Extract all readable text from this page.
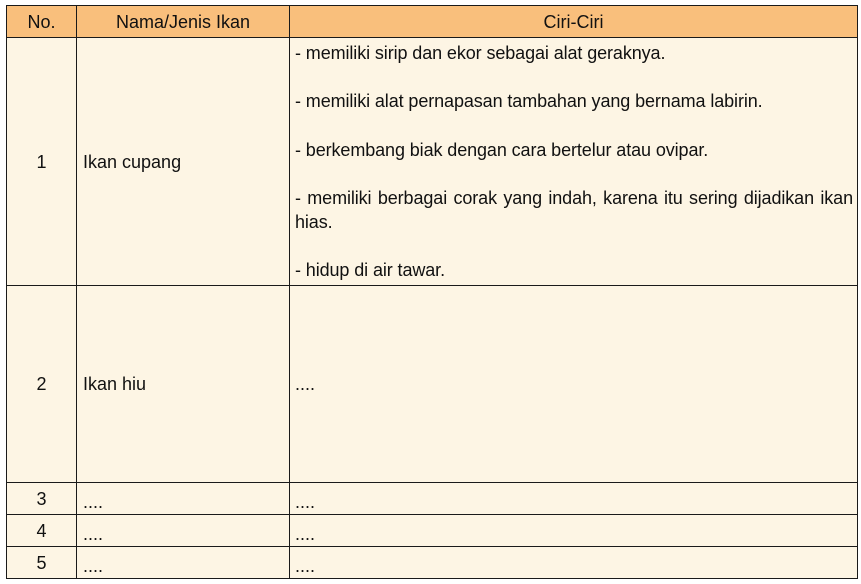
No.	Nama/Jenis Ikan	Ciri-Ciri
1	Ikan cupang	- memiliki sirip dan ekor sebagai alat geraknya.
- memiliki alat pernapasan tambahan yang bernama labirin.
- berkembang biak dengan cara bertelur atau ovipar.
- memiliki berbagai corak yang indah, karena itu sering dijadikan ikan hias.
- hidup di air tawar.

2	Ikan hiu	....
3	....	....
4	....	....
5	....	....
